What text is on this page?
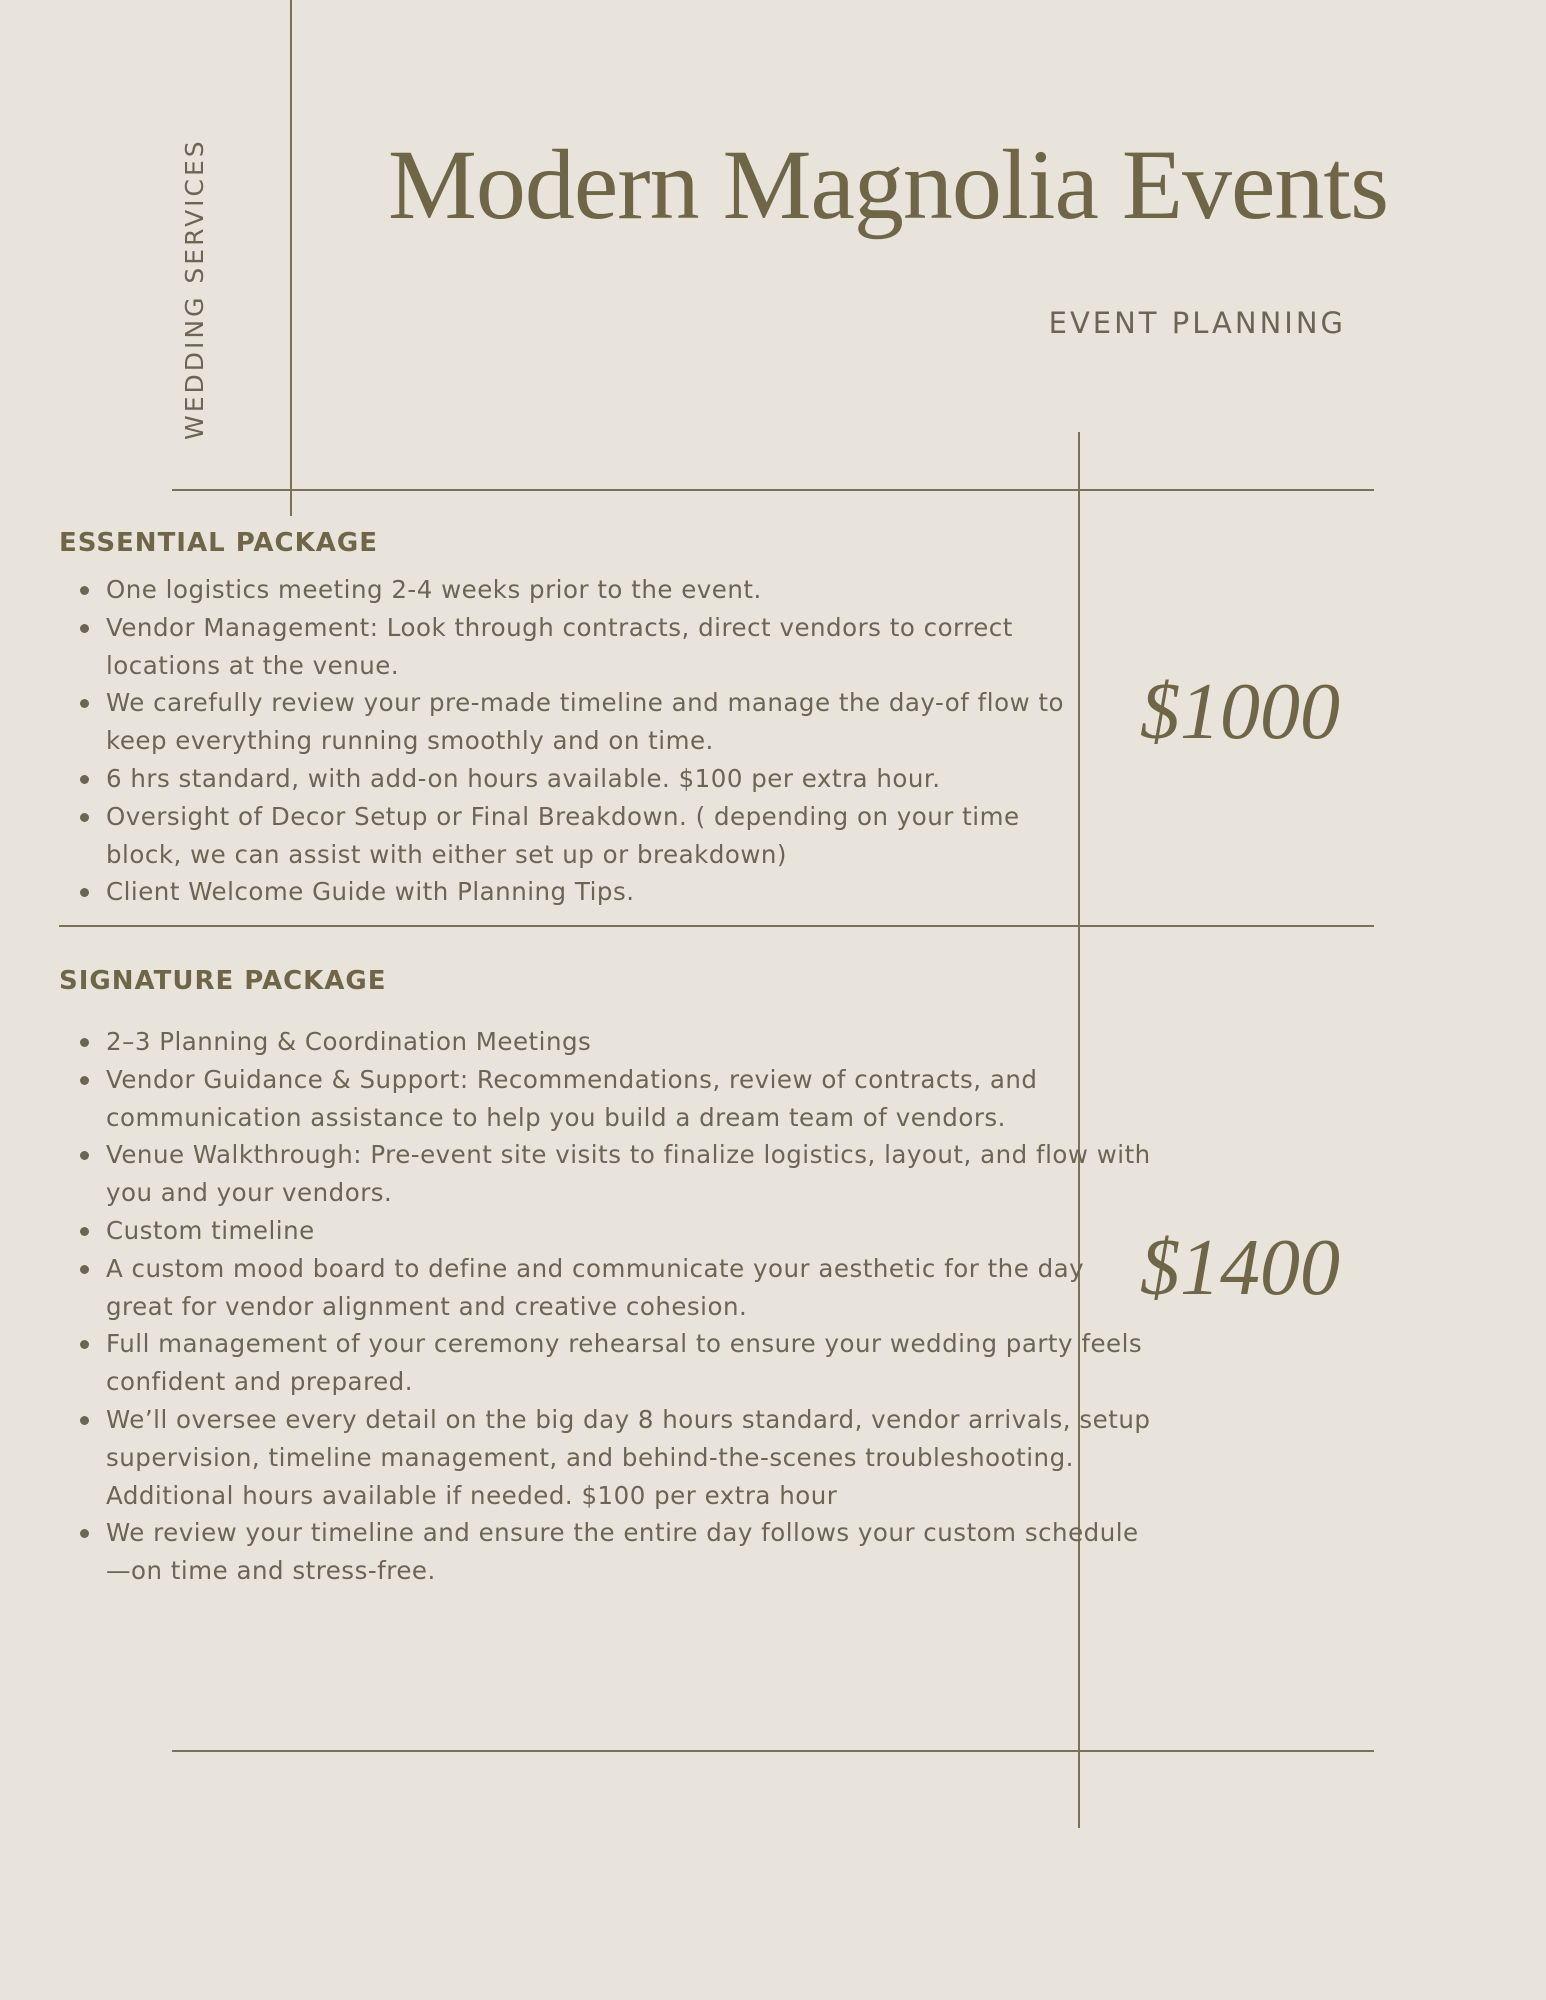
WEDDING SERVICES Modern Magnolia Events
EVENT PLANNING
ESSENTIAL PACKAGE
One logistics meeting 2-4 weeks prior to the event.
Vendor Management: Look through contracts, direct vendors to correct locations at the venue.
We carefully review your pre-made timeline and manage the day-of flow to keep everything running smoothly and on time.
6 hrs standard, with add-on hours available. $100 per extra hour.
Oversight of Decor Setup or Final Breakdown. ( depending on your time block, we can assist with either set up or breakdown)
Client Welcome Guide with Planning Tips.
$1000
SIGNATURE PACKAGE
2–3 Planning & Coordination Meetings
Vendor Guidance & Support: Recommendations, review of contracts, and communication assistance to help you build a dream team of vendors.
Venue Walkthrough: Pre-event site visits to finalize logistics, layout, and flow with you and your vendors.
Custom timeline
A custom mood board to define and communicate your aesthetic for the day great for vendor alignment and creative cohesion.
Full management of your ceremony rehearsal to ensure your wedding party feels confident and prepared.
We’ll oversee every detail on the big day 8 hours standard, vendor arrivals, setup supervision, timeline management, and behind-the-scenes troubleshooting. Additional hours available if needed. $100 per extra hour
We review your timeline and ensure the entire day follows your custom schedule—on time and stress-free.
$1400
